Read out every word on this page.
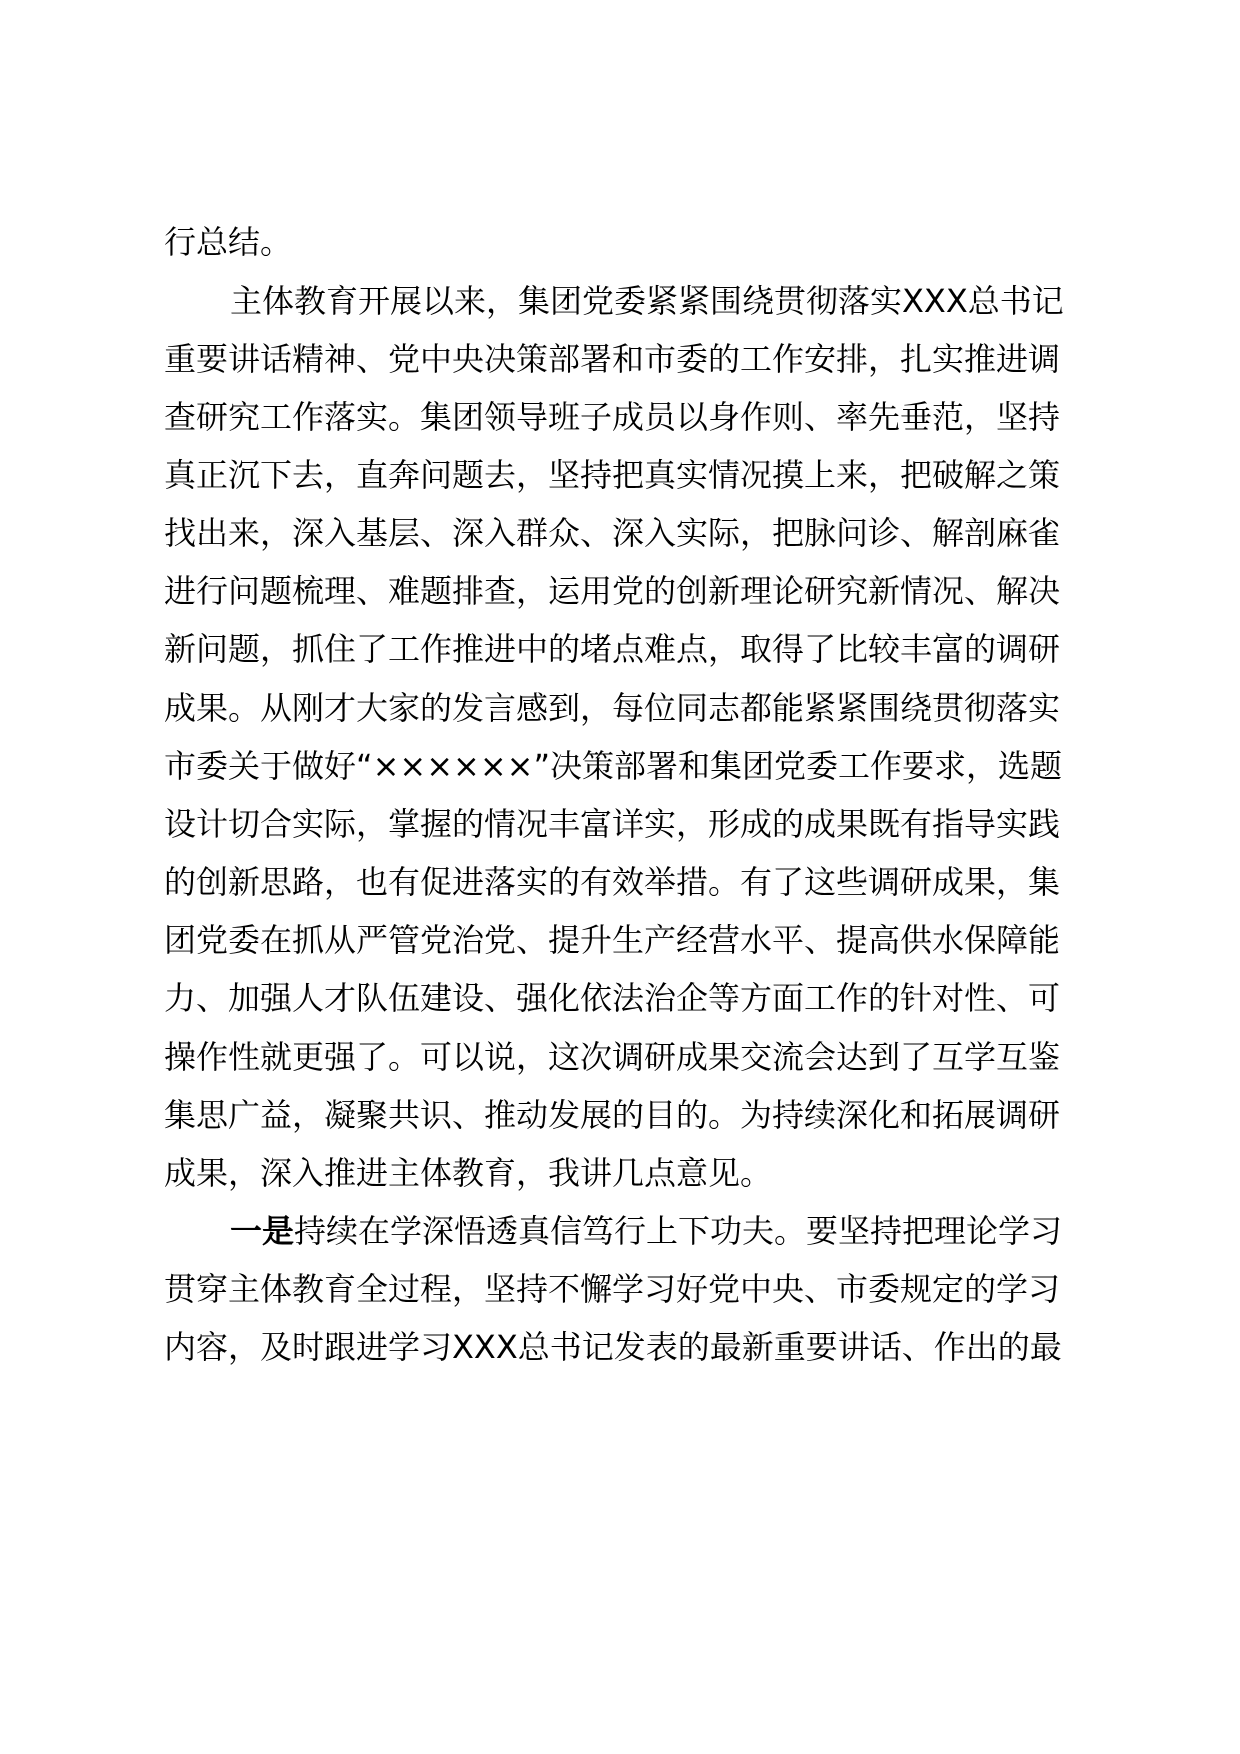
行总结。

主体教育开展以来，集团党委紧紧围绕贯彻落实XXX总书记

重要讲话精神、党中央决策部署和市委的工作安排，扎实推进调

查研究工作落实。集团领导班子成员以身作则、率先垂范，坚持

真正沉下去，直奔问题去，坚持把真实情况摸上来，把破解之策

找出来，深入基层、深入群众、深入实际，把脉问诊、解剖麻雀

进行问题梳理、难题排查，运用党的创新理论研究新情况、解决

新问题，抓住了工作推进中的堵点难点，取得了比较丰富的调研

成果。从刚才大家的发言感到，每位同志都能紧紧围绕贯彻落实

市委关于做好“××××××”决策部署和集团党委工作要求，选题

设计切合实际，掌握的情况丰富详实，形成的成果既有指导实践

的创新思路，也有促进落实的有效举措。有了这些调研成果，集

团党委在抓从严管党治党、提升生产经营水平、提高供水保障能

力、加强人才队伍建设、强化依法治企等方面工作的针对性、可

操作性就更强了。可以说，这次调研成果交流会达到了互学互鉴

集思广益，凝聚共识、推动发展的目的。为持续深化和拓展调研

成果，深入推进主体教育，我讲几点意见。

一是持续在学深悟透真信笃行上下功夫。要坚持把理论学习

贯穿主体教育全过程，坚持不懈学习好党中央、市委规定的学习

内容，及时跟进学习XXX总书记发表的最新重要讲话、作出的最
